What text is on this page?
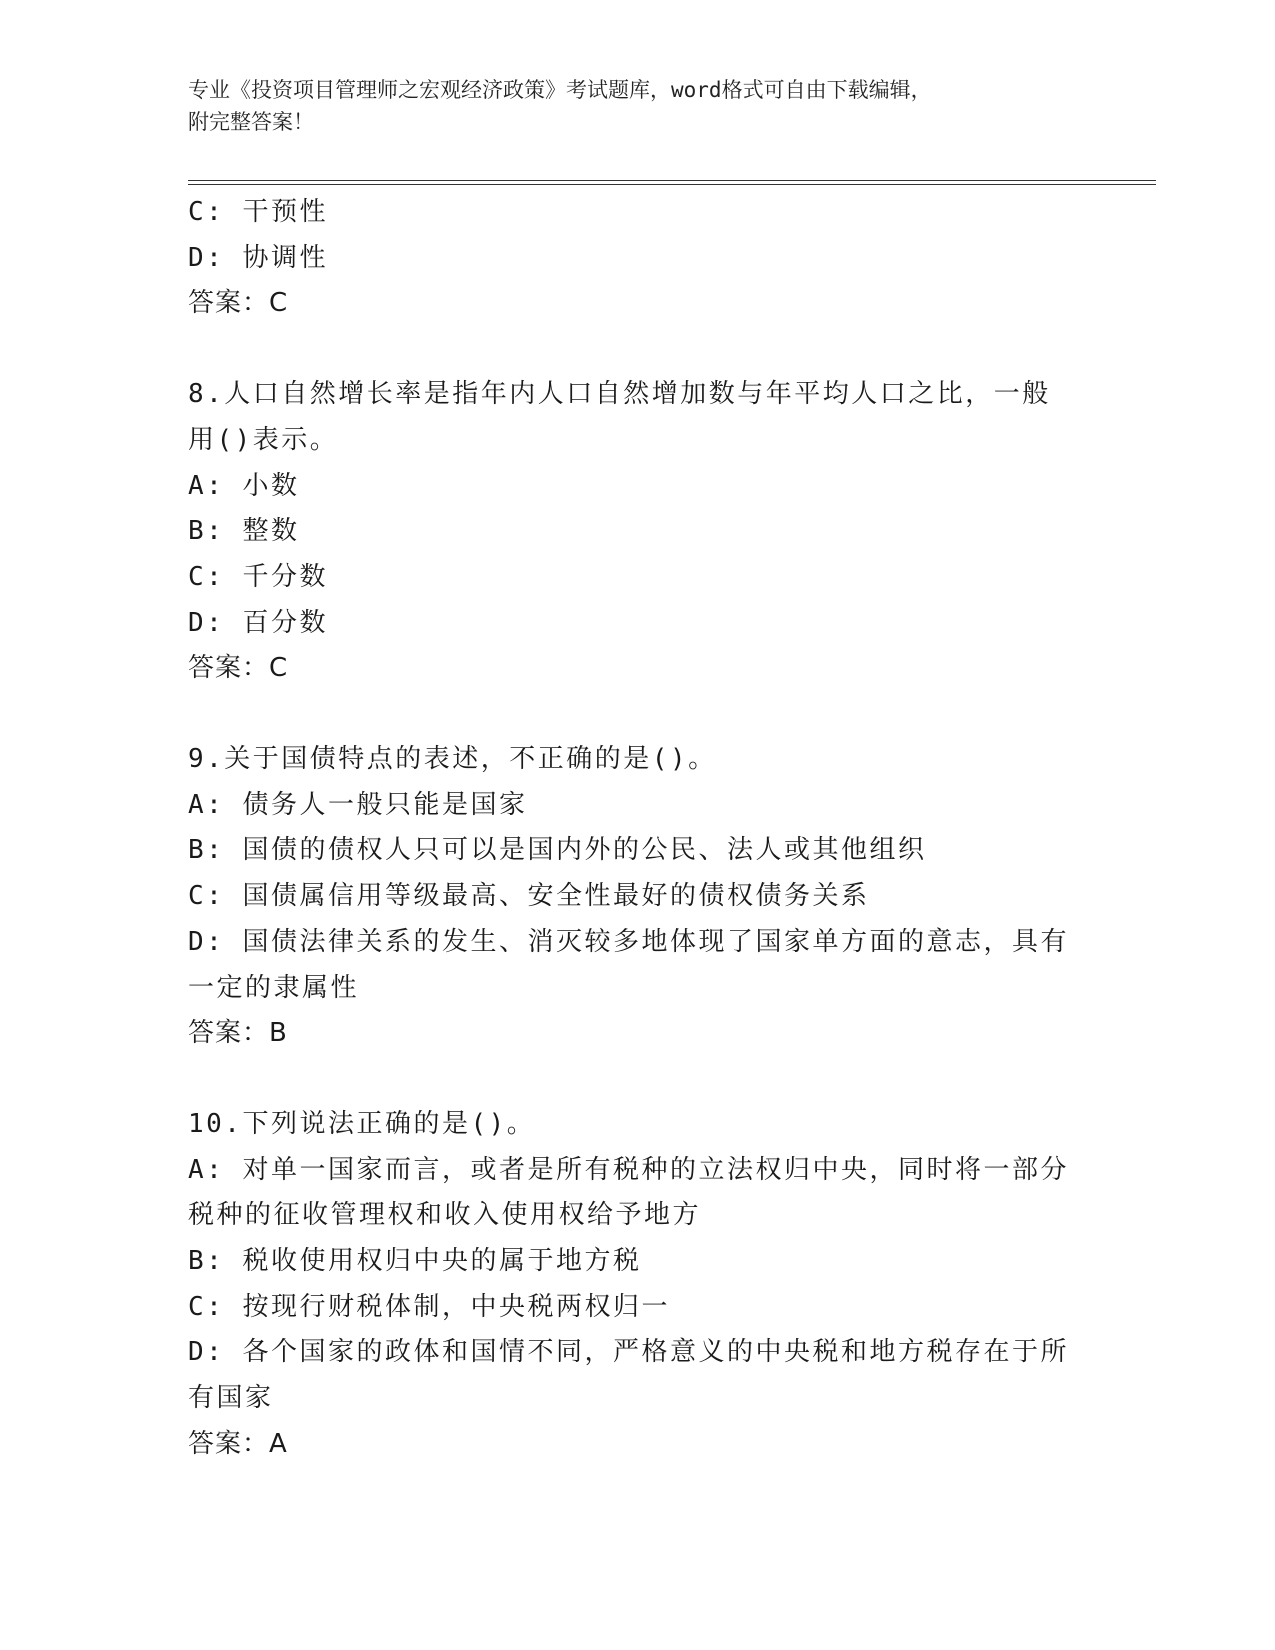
专业《投资项目管理师之宏观经济政策》考试题库，word格式可自由下载编辑，
附完整答案！

C: 干预性

D: 协调性

答案：C

8.人口自然增长率是指年内人口自然增加数与年平均人口之比，一般

用()表示。

A: 小数

B: 整数

C: 千分数

D: 百分数

答案：C

9.关于国债特点的表述，不正确的是()。

A: 债务人一般只能是国家

B: 国债的债权人只可以是国内外的公民、法人或其他组织

C: 国债属信用等级最高、安全性最好的债权债务关系

D: 国债法律关系的发生、消灭较多地体现了国家单方面的意志，具有

一定的隶属性

答案：B

10.下列说法正确的是()。

A: 对单一国家而言，或者是所有税种的立法权归中央，同时将一部分

税种的征收管理权和收入使用权给予地方

B: 税收使用权归中央的属于地方税

C: 按现行财税体制，中央税两权归一

D: 各个国家的政体和国情不同，严格意义的中央税和地方税存在于所

有国家

答案：A
